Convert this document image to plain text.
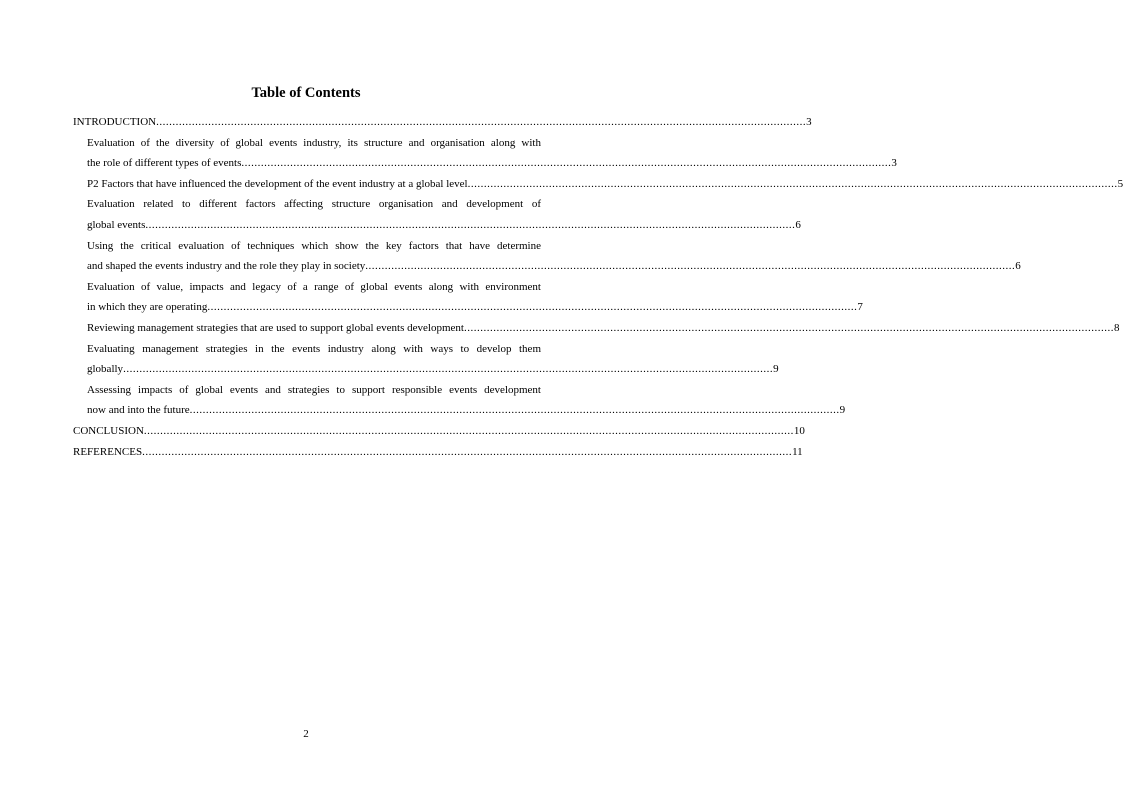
Table of Contents
INTRODUCTION ........................................................................................................................................................................................................ 3
Evaluation of the diversity of global events industry, its structure and organisation along with
the role of different types of events ........................................................................................................................................................................................................ 3
P2 Factors that have influenced the development of the event industry at a global level ........................................................................................................................................................................................................ 5
Evaluation related to different factors affecting structure organisation and development of
global events ........................................................................................................................................................................................................ 6
Using the critical evaluation of techniques which show the key factors that have determine
and shaped the events industry and the role they play in society ........................................................................................................................................................................................................ 6
Evaluation of value, impacts and legacy of a range of global events along with environment
in which they are operating ........................................................................................................................................................................................................ 7
Reviewing management strategies that are used to support global events development ........................................................................................................................................................................................................ 8
Evaluating management strategies in the events industry along with ways to develop them
globally ........................................................................................................................................................................................................ 9
Assessing impacts of global events and strategies to support responsible events development
now and into the future ........................................................................................................................................................................................................ 9
CONCLUSION ........................................................................................................................................................................................................ 10
REFERENCES ........................................................................................................................................................................................................ 11
2
